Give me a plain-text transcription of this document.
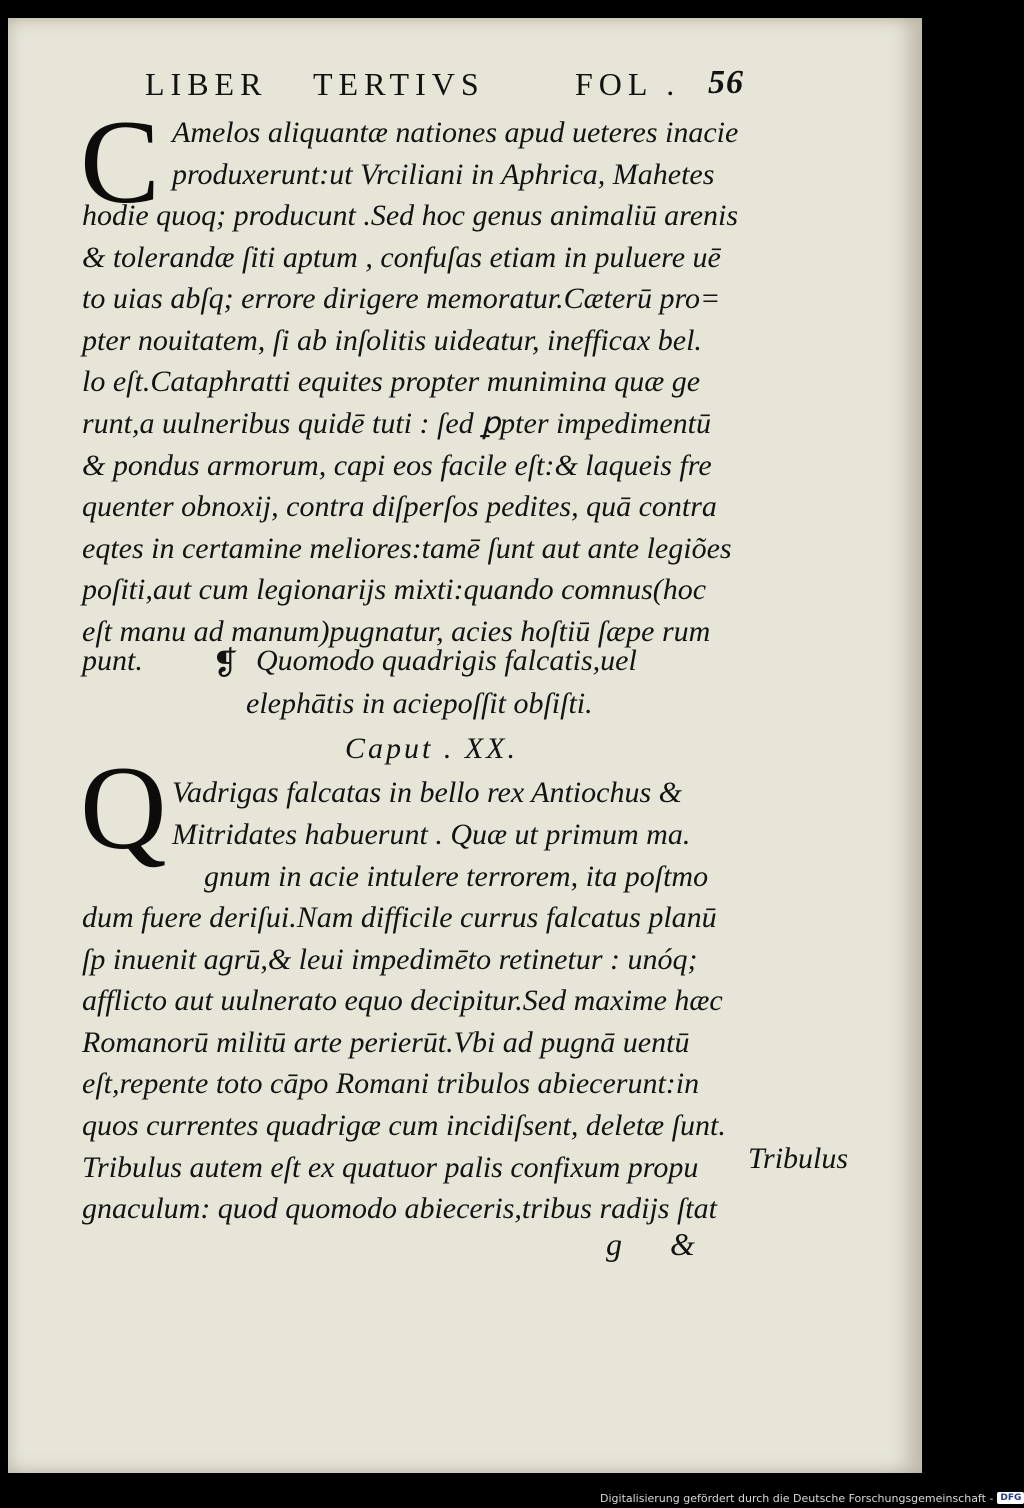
LIBER TERTIVS	FOL . 56
C Amelos aliquantæ nationes apud ueteres inacie
produxerunt:ut Vrciliani in Aphrica, Mahetes
hodie quoq; producunt .Sed hoc genus animaliū arenis
& tolerandæ ſiti aptum , confuſas etiam in puluere uē
to uias abſq; errore dirigere memoratur.Cæterū pro=
pter nouitatem, ſi ab inſolitis uideatur, inefficax bel.
lo eſt.Cataphratti equites propter munimina quæ ge
runt,a uulneribus quidē tuti : ſed ꝑpter impedimentū
& pondus armorum, capi eos facile eſt:& laqueis fre
quenter obnoxij, contra diſperſos pedites, quā contra
eqtes in certamine meliores:tamē ſunt aut ante legiões
poſiti,aut cum legionarijs mixti:quando comnus(hoc
eſt manu ad manum)pugnatur, acies hoſtiū ſæpe rum
punt. ❡ Quomodo quadrigis falcatis,uel
elephātis in aciepoſſit obſiſti.
Caput . XX.
Q Vadrigas falcatas in bello rex Antiochus &
Mitridates habuerunt . Quæ ut primum ma.
gnum in acie intulere terrorem, ita poſtmo
dum fuere deriſui.Nam difficile currus falcatus planū
ſp inuenit agrū,& leui impedimēto retinetur : unóq;
afflicto aut uulnerato equo decipitur.Sed maxime hæc
Romanorū militū arte perierūt.Vbi ad pugnā uentū
eſt,repente toto cāpo Romani tribulos abiecerunt:in
quos currentes quadrigæ cum incidiſsent, deletæ ſunt.
Tribulus autem eſt ex quatuor palis confixum propu
gnaculum: quod quomodo abieceris,tribus radijs ſtat
Tribulus
g &
Digitalisierung gefördert durch die Deutsche Forschungsgemeinschaft - DFG
